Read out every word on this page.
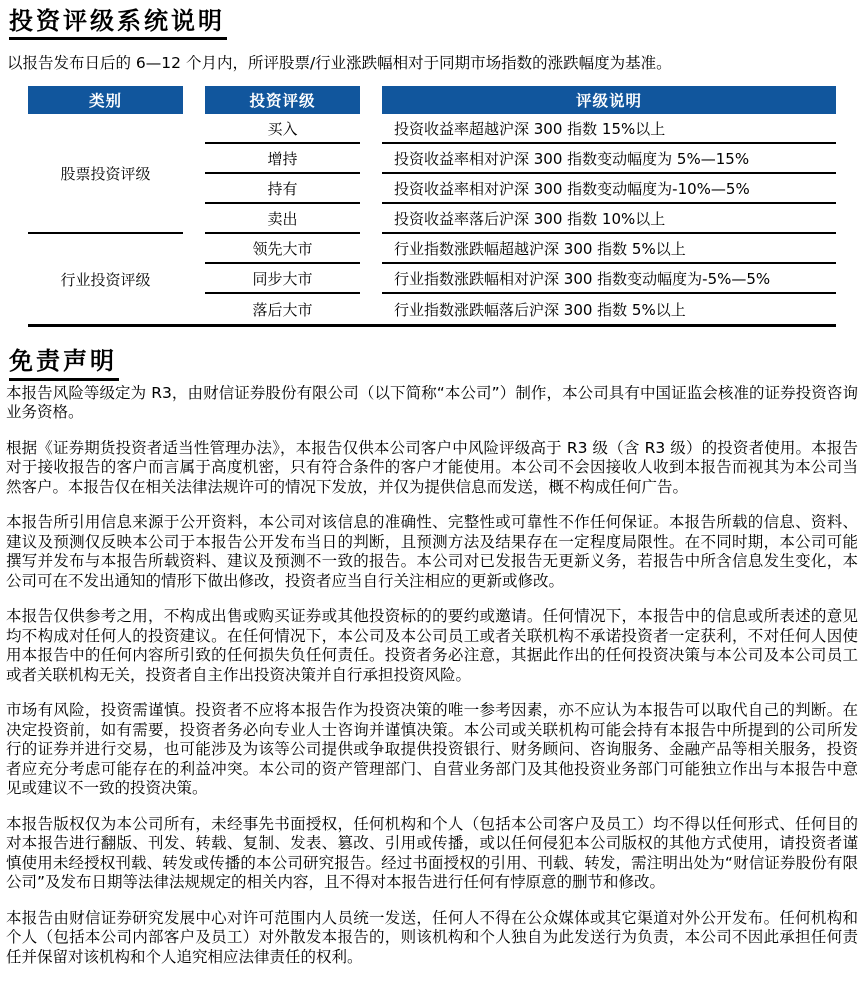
投资评级系统说明

以报告发布日后的 6—12 个月内，所评股票/行业涨跌幅相对于同期市场指数的涨跌幅度为基准。

类别	投资评级	评级说明
股票投资评级	买入	投资收益率超越沪深 300 指数 15%以上
	增持	投资收益率相对沪深 300 指数变动幅度为 5%—15%
	持有	投资收益率相对沪深 300 指数变动幅度为-10%—5%
	卖出	投资收益率落后沪深 300 指数 10%以上
行业投资评级	领先大市	行业指数涨跌幅超越沪深 300 指数 5%以上
	同步大市	行业指数涨跌幅相对沪深 300 指数变动幅度为-5%—5%
	落后大市	行业指数涨跌幅落后沪深 300 指数 5%以上
免责声明

本报告风险等级定为 R3，由财信证券股份有限公司（以下简称“本公司”）制作，本公司具有中国证监会核准的证券投资咨询业务资格。

根据《证券期货投资者适当性管理办法》，本报告仅供本公司客户中风险评级高于 R3 级（含 R3 级）的投资者使用。本报告对于接收报告的客户而言属于高度机密，只有符合条件的客户才能使用。本公司不会因接收人收到本报告而视其为本公司当然客户。本报告仅在相关法律法规许可的情况下发放，并仅为提供信息而发送，概不构成任何广告。

本报告所引用信息来源于公开资料，本公司对该信息的准确性、完整性或可靠性不作任何保证。本报告所载的信息、资料、建议及预测仅反映本公司于本报告公开发布当日的判断，且预测方法及结果存在一定程度局限性。在不同时期，本公司可能撰写并发布与本报告所载资料、建议及预测不一致的报告。本公司对已发报告无更新义务，若报告中所含信息发生变化，本公司可在不发出通知的情形下做出修改，投资者应当自行关注相应的更新或修改。

本报告仅供参考之用，不构成出售或购买证券或其他投资标的的要约或邀请。任何情况下，本报告中的信息或所表述的意见均不构成对任何人的投资建议。在任何情况下，本公司及本公司员工或者关联机构不承诺投资者一定获利，不对任何人因使用本报告中的任何内容所引致的任何损失负任何责任。投资者务必注意，其据此作出的任何投资决策与本公司及本公司员工或者关联机构无关，投资者自主作出投资决策并自行承担投资风险。

市场有风险，投资需谨慎。投资者不应将本报告作为投资决策的唯一参考因素，亦不应认为本报告可以取代自己的判断。在决定投资前，如有需要，投资者务必向专业人士咨询并谨慎决策。本公司或关联机构可能会持有本报告中所提到的公司所发行的证券并进行交易，也可能涉及为该等公司提供或争取提供投资银行、财务顾问、咨询服务、金融产品等相关服务，投资者应充分考虑可能存在的利益冲突。本公司的资产管理部门、自营业务部门及其他投资业务部门可能独立作出与本报告中意见或建议不一致的投资决策。

本报告版权仅为本公司所有，未经事先书面授权，任何机构和个人（包括本公司客户及员工）均不得以任何形式、任何目的对本报告进行翻版、刊发、转载、复制、发表、篡改、引用或传播，或以任何侵犯本公司版权的其他方式使用，请投资者谨慎使用未经授权刊载、转发或传播的本公司研究报告。经过书面授权的引用、刊载、转发，需注明出处为“财信证券股份有限公司”及发布日期等法律法规规定的相关内容，且不得对本报告进行任何有悖原意的删节和修改。

本报告由财信证券研究发展中心对许可范围内人员统一发送，任何人不得在公众媒体或其它渠道对外公开发布。任何机构和个人（包括本公司内部客户及员工）对外散发本报告的，则该机构和个人独自为此发送行为负责，本公司不因此承担任何责任并保留对该机构和个人追究相应法律责任的权利。
